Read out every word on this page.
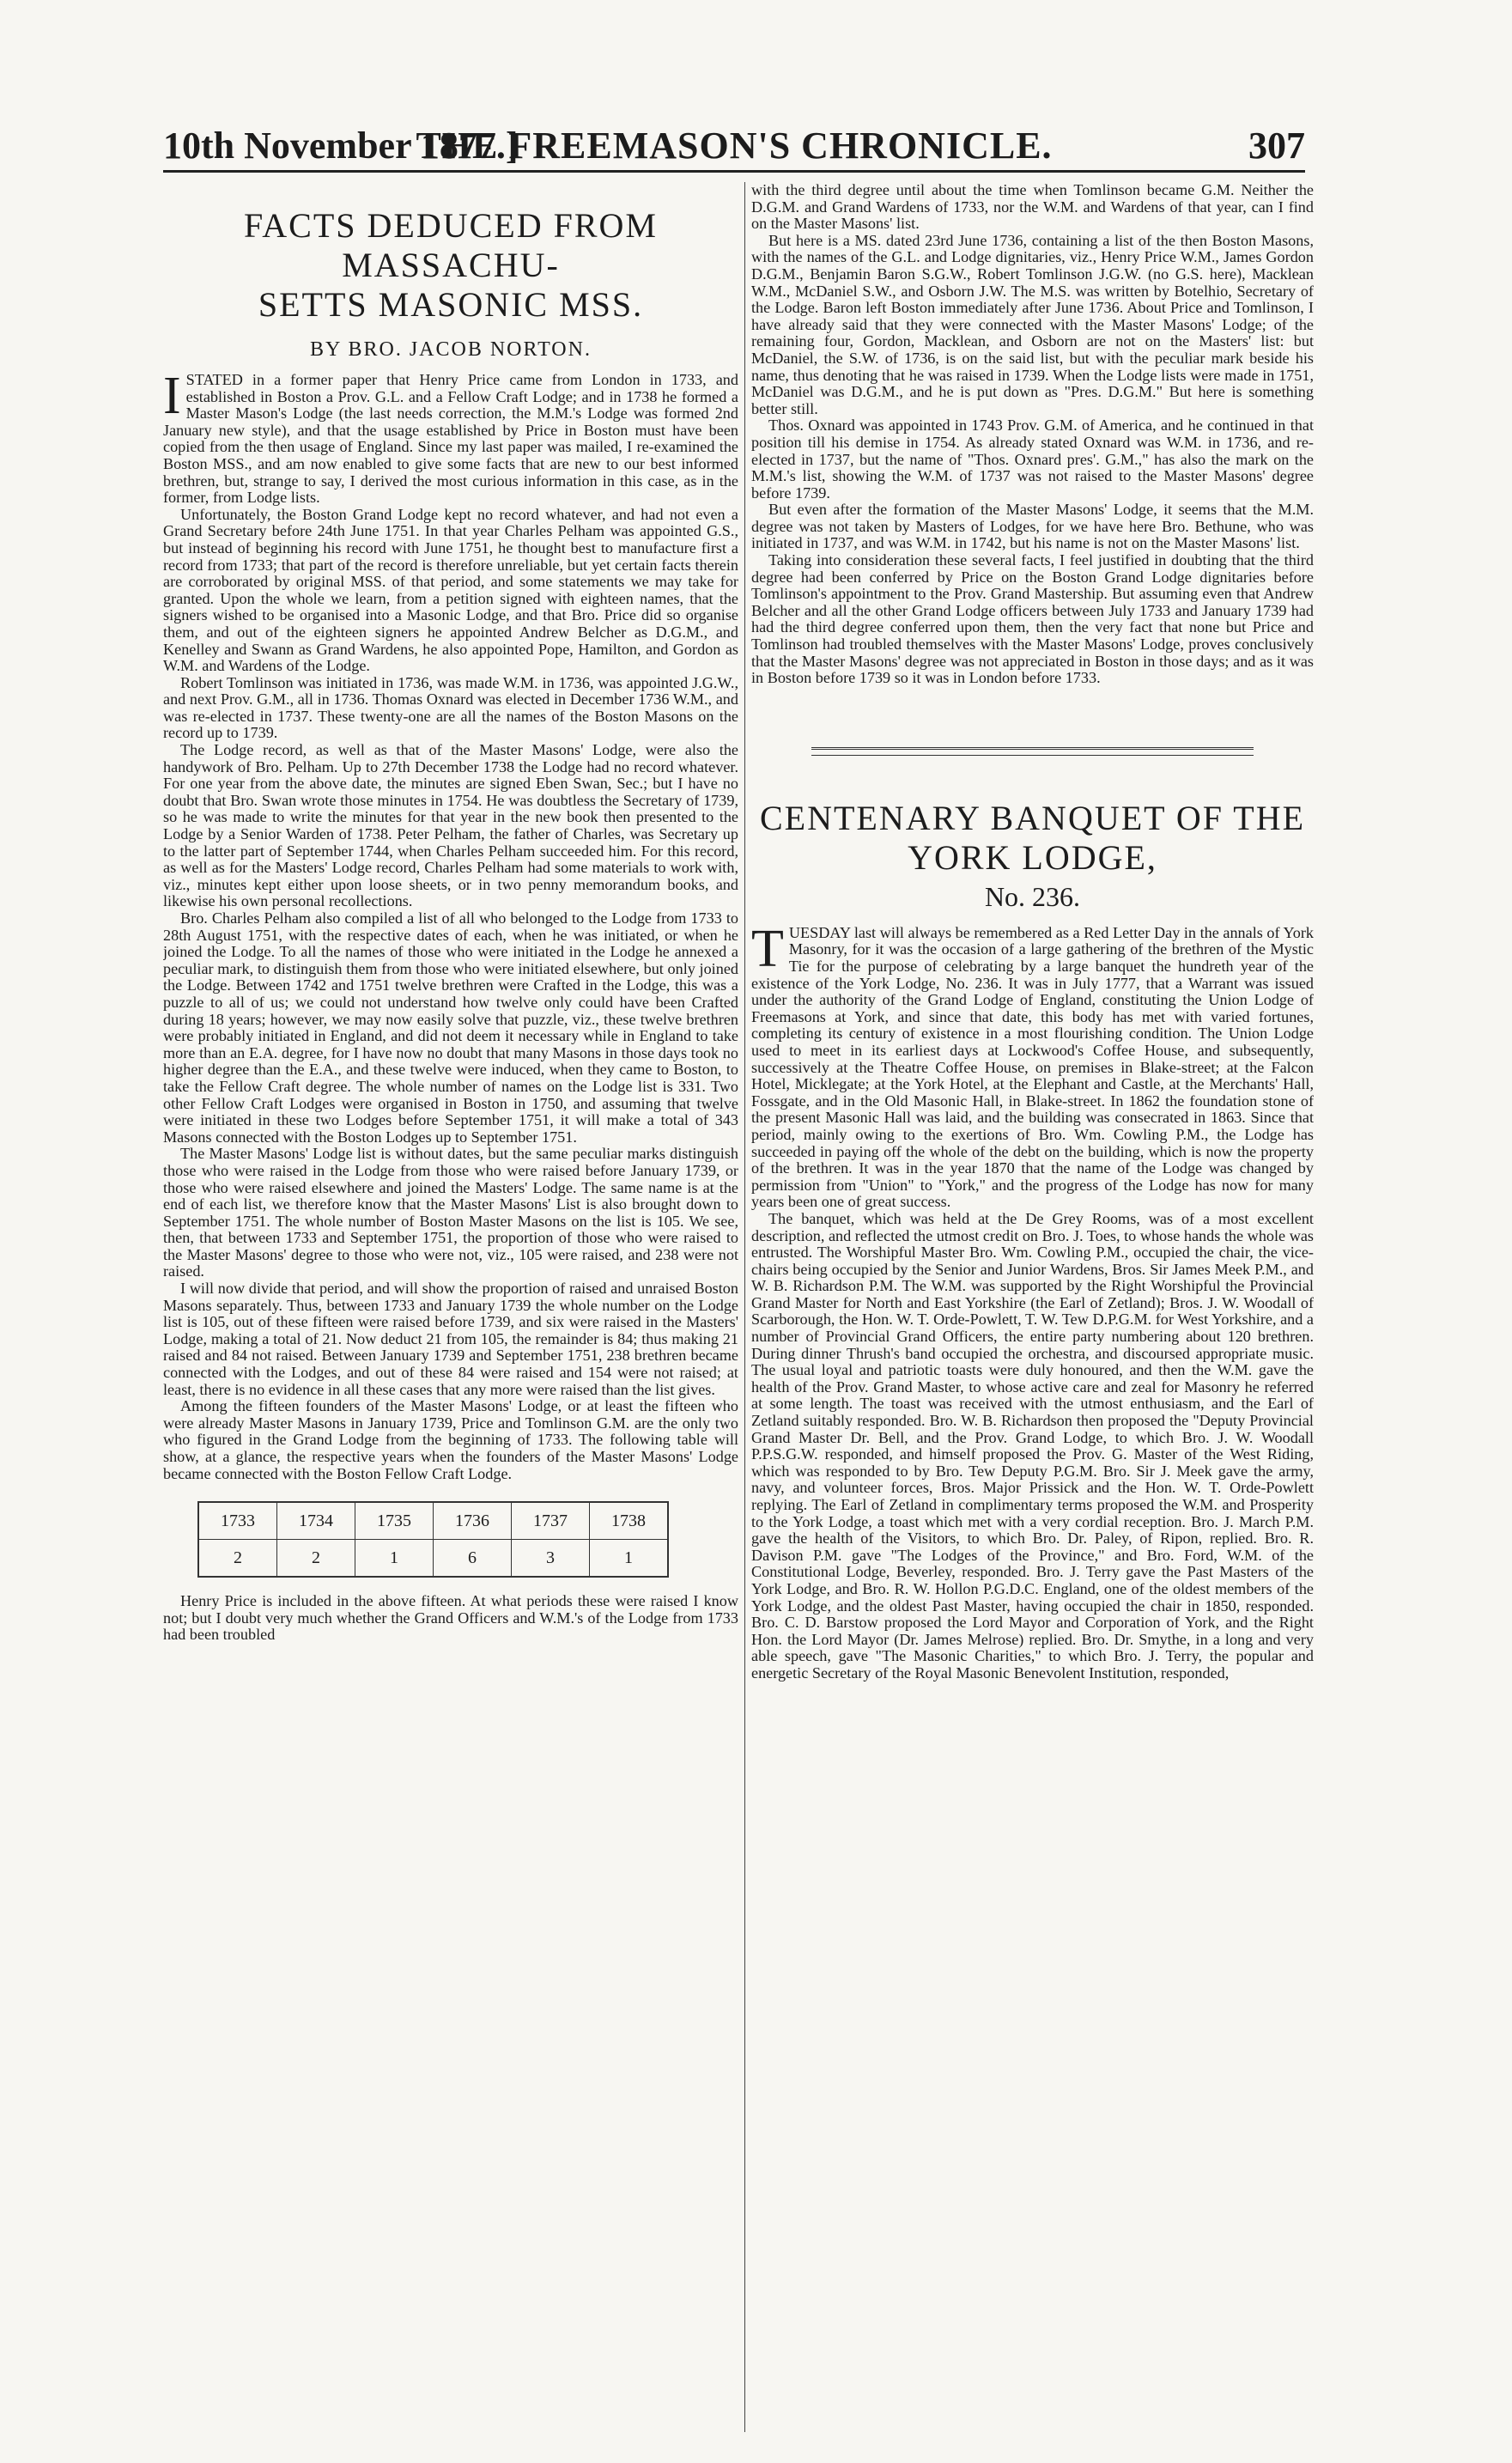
10th November 1877.]
THE FREEMASON'S CHRONICLE.	307
FACTS DEDUCED FROM MASSACHU-
SETTS MASONIC MSS.
BY BRO. JACOB NORTON.

ISTATED in a former paper that Henry Price came from London in 1733, and established in Boston a Prov. G.L. and a Fellow Craft Lodge; and in 1738 he formed a Master Mason's Lodge (the last needs correction, the M.M.'s Lodge was formed 2nd January new style), and that the usage established by Price in Boston must have been copied from the then usage of England. Since my last paper was mailed, I re-examined the Boston MSS., and am now enabled to give some facts that are new to our best informed brethren, but, strange to say, I derived the most curious information in this case, as in the former, from Lodge lists.

Unfortunately, the Boston Grand Lodge kept no record whatever, and had not even a Grand Secretary before 24th June 1751. In that year Charles Pelham was appointed G.S., but instead of beginning his record with June 1751, he thought best to manufacture first a record from 1733; that part of the record is therefore unreliable, but yet certain facts therein are corroborated by original MSS. of that period, and some statements we may take for granted. Upon the whole we learn, from a petition signed with eighteen names, that the signers wished to be organised into a Masonic Lodge, and that Bro. Price did so organise them, and out of the eighteen signers he appointed Andrew Belcher as D.G.M., and Kenelley and Swann as Grand Wardens, he also appointed Pope, Hamilton, and Gordon as W.M. and Wardens of the Lodge.

Robert Tomlinson was initiated in 1736, was made W.M. in 1736, was appointed J.G.W., and next Prov. G.M., all in 1736. Thomas Oxnard was elected in December 1736 W.M., and was re-elected in 1737. These twenty-one are all the names of the Boston Masons on the record up to 1739.

The Lodge record, as well as that of the Master Masons' Lodge, were also the handywork of Bro. Pelham. Up to 27th December 1738 the Lodge had no record whatever. For one year from the above date, the minutes are signed Eben Swan, Sec.; but I have no doubt that Bro. Swan wrote those minutes in 1754. He was doubtless the Secretary of 1739, so he was made to write the minutes for that year in the new book then presented to the Lodge by a Senior Warden of 1738. Peter Pelham, the father of Charles, was Secretary up to the latter part of September 1744, when Charles Pelham succeeded him. For this record, as well as for the Masters' Lodge record, Charles Pelham had some materials to work with, viz., minutes kept either upon loose sheets, or in two penny memorandum books, and likewise his own personal recollections.

Bro. Charles Pelham also compiled a list of all who belonged to the Lodge from 1733 to 28th August 1751, with the respective dates of each, when he was initiated, or when he joined the Lodge. To all the names of those who were initiated in the Lodge he annexed a peculiar mark, to distinguish them from those who were initiated elsewhere, but only joined the Lodge. Between 1742 and 1751 twelve brethren were Crafted in the Lodge, this was a puzzle to all of us; we could not understand how twelve only could have been Crafted during 18 years; however, we may now easily solve that puzzle, viz., these twelve brethren were probably initiated in England, and did not deem it necessary while in England to take more than an E.A. degree, for I have now no doubt that many Masons in those days took no higher degree than the E.A., and these twelve were induced, when they came to Boston, to take the Fellow Craft degree. The whole number of names on the Lodge list is 331. Two other Fellow Craft Lodges were organised in Boston in 1750, and assuming that twelve were initiated in these two Lodges before September 1751, it will make a total of 343 Masons connected with the Boston Lodges up to September 1751.

The Master Masons' Lodge list is without dates, but the same peculiar marks distinguish those who were raised in the Lodge from those who were raised before January 1739, or those who were raised elsewhere and joined the Masters' Lodge. The same name is at the end of each list, we therefore know that the Master Masons' List is also brought down to September 1751. The whole number of Boston Master Masons on the list is 105. We see, then, that between 1733 and September 1751, the proportion of those who were raised to the Master Masons' degree to those who were not, viz., 105 were raised, and 238 were not raised.

I will now divide that period, and will show the proportion of raised and unraised Boston Masons separately. Thus, between 1733 and January 1739 the whole number on the Lodge list is 105, out of these fifteen were raised before 1739, and six were raised in the Masters' Lodge, making a total of 21. Now deduct 21 from 105, the remainder is 84; thus making 21 raised and 84 not raised. Between January 1739 and September 1751, 238 brethren became connected with the Lodges, and out of these 84 were raised and 154 were not raised; at least, there is no evidence in all these cases that any more were raised than the list gives.

Among the fifteen founders of the Master Masons' Lodge, or at least the fifteen who were already Master Masons in January 1739, Price and Tomlinson G.M. are the only two who figured in the Grand Lodge from the beginning of 1733. The following table will show, at a glance, the respective years when the founders of the Master Masons' Lodge became connected with the Boston Fellow Craft Lodge.

1733	1734	1735	1736	1737	1738
2	2	1	6	3	1

Henry Price is included in the above fifteen. At what periods these were raised I know not; but I doubt very much whether the Grand Officers and W.M.'s of the Lodge from 1733 had been troubled

with the third degree until about the time when Tomlinson became G.M. Neither the D.G.M. and Grand Wardens of 1733, nor the W.M. and Wardens of that year, can I find on the Master Masons' list.

But here is a MS. dated 23rd June 1736, containing a list of the then Boston Masons, with the names of the G.L. and Lodge dignitaries, viz., Henry Price W.M., James Gordon D.G.M., Benjamin Baron S.G.W., Robert Tomlinson J.G.W. (no G.S. here), Macklean W.M., McDaniel S.W., and Osborn J.W. The M.S. was written by Botelhio, Secretary of the Lodge. Baron left Boston immediately after June 1736. About Price and Tomlinson, I have already said that they were connected with the Master Masons' Lodge; of the remaining four, Gordon, Macklean, and Osborn are not on the Masters' list: but McDaniel, the S.W. of 1736, is on the said list, but with the peculiar mark beside his name, thus denoting that he was raised in 1739. When the Lodge lists were made in 1751, McDaniel was D.G.M., and he is put down as "Pres. D.G.M." But here is something better still.

Thos. Oxnard was appointed in 1743 Prov. G.M. of America, and he continued in that position till his demise in 1754. As already stated Oxnard was W.M. in 1736, and re-elected in 1737, but the name of "Thos. Oxnard pres'. G.M.," has also the mark on the M.M.'s list, showing the W.M. of 1737 was not raised to the Master Masons' degree before 1739.

But even after the formation of the Master Masons' Lodge, it seems that the M.M. degree was not taken by Masters of Lodges, for we have here Bro. Bethune, who was initiated in 1737, and was W.M. in 1742, but his name is not on the Master Masons' list.

Taking into consideration these several facts, I feel justified in doubting that the third degree had been conferred by Price on the Boston Grand Lodge dignitaries before Tomlinson's appointment to the Prov. Grand Mastership. But assuming even that Andrew Belcher and all the other Grand Lodge officers between July 1733 and January 1739 had had the third degree conferred upon them, then the very fact that none but Price and Tomlinson had troubled themselves with the Master Masons' Lodge, proves conclusively that the Master Masons' degree was not appreciated in Boston in those days; and as it was in Boston before 1739 so it was in London before 1733.

CENTENARY BANQUET OF THE YORK LODGE,
No. 236.

TUESDAY last will always be remembered as a Red Letter Day in the annals of York Masonry, for it was the occasion of a large gathering of the brethren of the Mystic Tie for the purpose of celebrating by a large banquet the hundreth year of the existence of the York Lodge, No. 236. It was in July 1777, that a Warrant was issued under the authority of the Grand Lodge of England, constituting the Union Lodge of Freemasons at York, and since that date, this body has met with varied fortunes, completing its century of existence in a most flourishing condition. The Union Lodge used to meet in its earliest days at Lockwood's Coffee House, and subsequently, successively at the Theatre Coffee House, on premises in Blake-street; at the Falcon Hotel, Micklegate; at the York Hotel, at the Elephant and Castle, at the Merchants' Hall, Fossgate, and in the Old Masonic Hall, in Blake-street. In 1862 the foundation stone of the present Masonic Hall was laid, and the building was consecrated in 1863. Since that period, mainly owing to the exertions of Bro. Wm. Cowling P.M., the Lodge has succeeded in paying off the whole of the debt on the building, which is now the property of the brethren. It was in the year 1870 that the name of the Lodge was changed by permission from "Union" to "York," and the progress of the Lodge has now for many years been one of great success.

The banquet, which was held at the De Grey Rooms, was of a most excellent description, and reflected the utmost credit on Bro. J. Toes, to whose hands the whole was entrusted. The Worshipful Master Bro. Wm. Cowling P.M., occupied the chair, the vice-chairs being occupied by the Senior and Junior Wardens, Bros. Sir James Meek P.M., and W. B. Richardson P.M. The W.M. was supported by the Right Worshipful the Provincial Grand Master for North and East Yorkshire (the Earl of Zetland); Bros. J. W. Woodall of Scarborough, the Hon. W. T. Orde-Powlett, T. W. Tew D.P.G.M. for West Yorkshire, and a number of Provincial Grand Officers, the entire party numbering about 120 brethren. During dinner Thrush's band occupied the orchestra, and discoursed appropriate music. The usual loyal and patriotic toasts were duly honoured, and then the W.M. gave the health of the Prov. Grand Master, to whose active care and zeal for Masonry he referred at some length. The toast was received with the utmost enthusiasm, and the Earl of Zetland suitably responded. Bro. W. B. Richardson then proposed the "Deputy Provincial Grand Master Dr. Bell, and the Prov. Grand Lodge, to which Bro. J. W. Woodall P.P.S.G.W. responded, and himself proposed the Prov. G. Master of the West Riding, which was responded to by Bro. Tew Deputy P.G.M. Bro. Sir J. Meek gave the army, navy, and volunteer forces, Bros. Major Prissick and the Hon. W. T. Orde-Powlett replying. The Earl of Zetland in complimentary terms proposed the W.M. and Prosperity to the York Lodge, a toast which met with a very cordial reception. Bro. J. March P.M. gave the health of the Visitors, to which Bro. Dr. Paley, of Ripon, replied. Bro. R. Davison P.M. gave "The Lodges of the Province," and Bro. Ford, W.M. of the Constitutional Lodge, Beverley, responded. Bro. J. Terry gave the Past Masters of the York Lodge, and Bro. R. W. Hollon P.G.D.C. England, one of the oldest members of the York Lodge, and the oldest Past Master, having occupied the chair in 1850, responded. Bro. C. D. Barstow proposed the Lord Mayor and Corporation of York, and the Right Hon. the Lord Mayor (Dr. James Melrose) replied. Bro. Dr. Smythe, in a long and very able speech, gave "The Masonic Charities," to which Bro. J. Terry, the popular and energetic Secretary of the Royal Masonic Benevolent Institution, responded,
